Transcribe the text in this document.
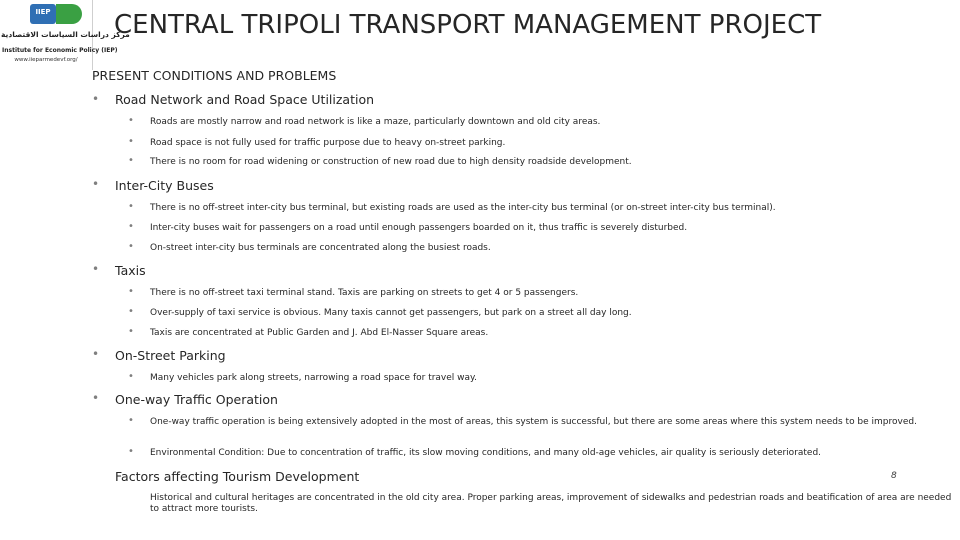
IIEP
مركز دراسات السياسات الاقتصادية
Institute for Economic Policy (IEP)
www.iieparmedevf.org/
CENTRAL TRIPOLI TRANSPORT MANAGEMENT PROJECT
PRESENT CONDITIONS AND PROBLEMS
• Road Network and Road Space Utilization
• Roads are mostly narrow and road network is like a maze, particularly downtown and old city areas.
• Road space is not fully used for traffic purpose due to heavy on-street parking.
• There is no room for road widening or construction of new road due to high density roadside development.
• Inter-City Buses
• There is no off-street inter-city bus terminal, but existing roads are used as the inter-city bus terminal (or on-street inter-city bus terminal).
• Inter-city buses wait for passengers on a road until enough passengers boarded on it, thus traffic is severely disturbed.
• On-street inter-city bus terminals are concentrated along the busiest roads.
• Taxis
• There is no off-street taxi terminal stand. Taxis are parking on streets to get 4 or 5 passengers.
• Over-supply of taxi service is obvious. Many taxis cannot get passengers, but park on a street all day long.
• Taxis are concentrated at Public Garden and J. Abd El-Nasser Square areas.
• On-Street Parking
• Many vehicles park along streets, narrowing a road space for travel way.
• One-way Traffic Operation
• One-way traffic operation is being extensively adopted in the most of areas, this system is successful, but there are some areas where this system needs to be improved.
• Environmental Condition: Due to concentration of traffic, its slow moving conditions, and many old-age vehicles, air quality is seriously deteriorated.
Factors affecting Tourism Development
Historical and cultural heritages are concentrated in the old city area. Proper parking areas, improvement of sidewalks and pedestrian roads and beatification of area are needed to attract more tourists.
8
